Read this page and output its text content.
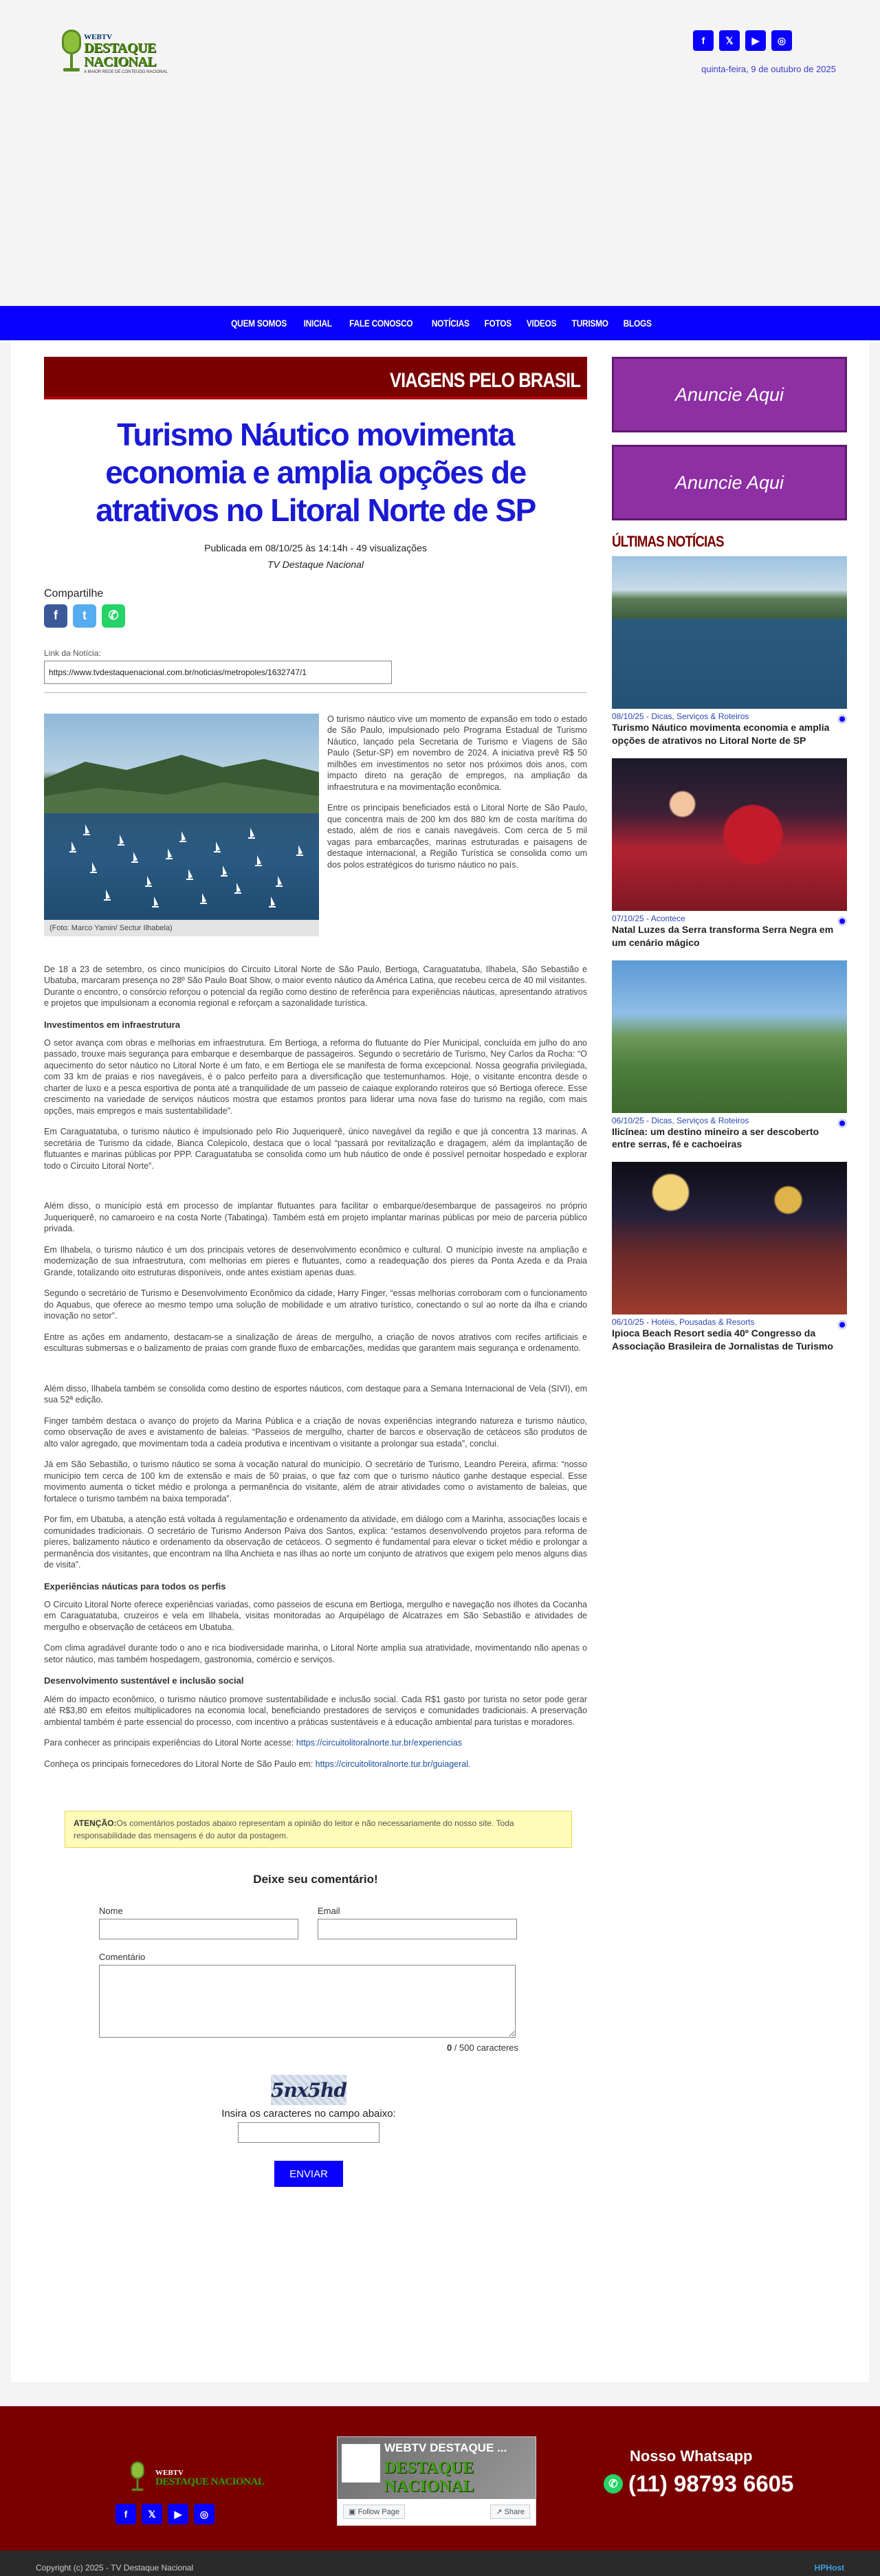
WEBTV
DESTAQUE NACIONAL
A MAIOR REDE DE CONTEÚDO NACIONAL
f	𝕏	▶	◎
quinta-feira, 9 de outubro de 2025
QUEM SOMOS INICIAL FALE CONOSCO NOTÍCIAS FOTOS VIDEOS TURISMO BLOGS
VIAGENS PELO BRASIL
Turismo Náutico movimenta economia e amplia opções de atrativos no Litoral Norte de SP
Publicada em 08/10/25 às 14:14h - 49 visualizações
TV Destaque Nacional
Compartilhe
f	t	✆
Link da Notícia:
https://www.tvdestaquenacional.com.br/noticias/metropoles/1632747/1
(Foto: Marco Yamin/ Sectur Ilhabela)

O turismo náutico vive um momento de expansão em todo o estado de São Paulo, impulsionado pelo Programa Estadual de Turismo Náutico, lançado pela Secretaria de Turismo e Viagens de São Paulo (Setur-SP) em novembro de 2024. A iniciativa prevê R$ 50 milhões em investimentos no setor nos próximos dois anos, com impacto direto na geração de empregos, na ampliação da infraestrutura e na movimentação econômica.

Entre os principais beneficiados está o Litoral Norte de São Paulo, que concentra mais de 200 km dos 880 km de costa marítima do estado, além de rios e canais navegáveis. Com cerca de 5 mil vagas para embarcações, marinas estruturadas e paisagens de destaque internacional, a Região Turística se consolida como um dos polos estratégicos do turismo náutico no país.

De 18 a 23 de setembro, os cinco municípios do Circuito Litoral Norte de São Paulo, Bertioga, Caraguatatuba, Ilhabela, São Sebastião e Ubatuba, marcaram presença no 28º São Paulo Boat Show, o maior evento náutico da América Latina, que recebeu cerca de 40 mil visitantes. Durante o encontro, o consórcio reforçou o potencial da região como destino de referência para experiências náuticas, apresentando atrativos e projetos que impulsionam a economia regional e reforçam a sazonalidade turística.

Investimentos em infraestrutura

O setor avança com obras e melhorias em infraestrutura. Em Bertioga, a reforma do flutuante do Píer Municipal, concluída em julho do ano passado, trouxe mais segurança para embarque e desembarque de passageiros. Segundo o secretário de Turismo, Ney Carlos da Rocha: “O aquecimento do setor náutico no Litoral Norte é um fato, e em Bertioga ele se manifesta de forma excepcional. Nossa geografia privilegiada, com 33 km de praias e rios navegáveis, é o palco perfeito para a diversificação que testemunhamos. Hoje, o visitante encontra desde o charter de luxo e a pesca esportiva de ponta até a tranquilidade de um passeio de caiaque explorando roteiros que só Bertioga oferece. Esse crescimento na variedade de serviços náuticos mostra que estamos prontos para liderar uma nova fase do turismo na região, com mais opções, mais empregos e mais sustentabilidade”.

Em Caraguatatuba, o turismo náutico é impulsionado pelo Rio Juqueriquerê, único navegável da região e que já concentra 13 marinas. A secretária de Turismo da cidade, Bianca Colepicolo, destaca que o local “passará por revitalização e dragagem, além da implantação de flutuantes e marinas públicas por PPP. Caraguatatuba se consolida como um hub náutico de onde é possível pernoitar hospedado e explorar todo o Circuito Litoral Norte”.

Além disso, o município está em processo de implantar flutuantes para facilitar o embarque/desembarque de passageiros no próprio Juqueriquerê, no camaroeiro e na costa Norte (Tabatinga). Também está em projeto implantar marinas públicas por meio de parceria público privada.

Em Ilhabela, o turismo náutico é um dos principais vetores de desenvolvimento econômico e cultural. O município investe na ampliação e modernização de sua infraestrutura, com melhorias em píeres e flutuantes, como a readequação dos píeres da Ponta Azeda e da Praia Grande, totalizando oito estruturas disponíveis, onde antes existiam apenas duas.

Segundo o secretário de Turismo e Desenvolvimento Econômico da cidade, Harry Finger, “essas melhorias corroboram com o funcionamento do Aquabus, que oferece ao mesmo tempo uma solução de mobilidade e um atrativo turístico, conectando o sul ao norte da ilha e criando inovação no setor”.

Entre as ações em andamento, destacam-se a sinalização de áreas de mergulho, a criação de novos atrativos com recifes artificiais e esculturas submersas e o balizamento de praias com grande fluxo de embarcações, medidas que garantem mais segurança e ordenamento.

Além disso, Ilhabela também se consolida como destino de esportes náuticos, com destaque para a Semana Internacional de Vela (SIVI), em sua 52ª edição.

Finger também destaca o avanço do projeto da Marina Pública e a criação de novas experiências integrando natureza e turismo náutico, como observação de aves e avistamento de baleias. “Passeios de mergulho, charter de barcos e observação de cetáceos são produtos de alto valor agregado, que movimentam toda a cadeia produtiva e incentivam o visitante a prolongar sua estada”, conclui.

Já em São Sebastião, o turismo náutico se soma à vocação natural do município. O secretário de Turismo, Leandro Pereira, afirma: “nosso município tem cerca de 100 km de extensão e mais de 50 praias, o que faz com que o turismo náutico ganhe destaque especial. Esse movimento aumenta o ticket médio e prolonga a permanência do visitante, além de atrair atividades como o avistamento de baleias, que fortalece o turismo também na baixa temporada”.

Por fim, em Ubatuba, a atenção está voltada à regulamentação e ordenamento da atividade, em diálogo com a Marinha, associações locais e comunidades tradicionais. O secretário de Turismo Anderson Paiva dos Santos, explica: “estamos desenvolvendo projetos para reforma de píeres, balizamento náutico e ordenamento da observação de cetáceos. O segmento é fundamental para elevar o ticket médio e prolongar a permanência dos visitantes, que encontram na Ilha Anchieta e nas ilhas ao norte um conjunto de atrativos que exigem pelo menos alguns dias de visita”.

Experiências náuticas para todos os perfis

O Circuito Litoral Norte oferece experiências variadas, como passeios de escuna em Bertioga, mergulho e navegação nos ilhotes da Cocanha em Caraguatatuba, cruzeiros e vela em Ilhabela, visitas monitoradas ao Arquipélago de Alcatrazes em São Sebastião e atividades de mergulho e observação de cetáceos em Ubatuba.

Com clima agradável durante todo o ano e rica biodiversidade marinha, o Litoral Norte amplia sua atratividade, movimentando não apenas o setor náutico, mas também hospedagem, gastronomia, comércio e serviços.

Desenvolvimento sustentável e inclusão social

Além do impacto econômico, o turismo náutico promove sustentabilidade e inclusão social. Cada R$1 gasto por turista no setor pode gerar até R$3,80 em efeitos multiplicadores na economia local, beneficiando prestadores de serviços e comunidades tradicionais. A preservação ambiental também é parte essencial do processo, com incentivo a práticas sustentáveis e à educação ambiental para turistas e moradores.

Para conhecer as principais experiências do Litoral Norte acesse: https://circuitolitoralnorte.tur.br/experiencias

Conheça os principais fornecedores do Litoral Norte de São Paulo em: https://circuitolitoralnorte.tur.br/guiageral.

ATENÇÃO:Os comentários postados abaixo representam a opinião do leitor e não necessariamente do nosso site. Toda responsabilidade das mensagens é do autor da postagem.
Deixe seu comentário!
Nome	Email
Comentário
0 / 500 caracteres
5nx5hd
Insira os caracteres no campo abaixo:
ENVIAR
Anuncie Aqui
Anuncie Aqui
ÚLTIMAS NOTÍCIAS
08/10/25 - Dicas, Serviços & Roteiros
Turismo Náutico movimenta economia e amplia opções de atrativos no Litoral Norte de SP
07/10/25 - Acontece
Natal Luzes da Serra transforma Serra Negra em um cenário mágico
06/10/25 - Dicas, Serviços & Roteiros
Ilicínea: um destino mineiro a ser descoberto entre serras, fé e cachoeiras
06/10/25 - Hotéis, Pousadas & Resorts
Ipioca Beach Resort sedia 40º Congresso da Associação Brasileira de Jornalistas de Turismo
WEBTV
DESTAQUE NACIONAL
f	𝕏	▶	◎
WEBTV DESTAQUE ...
DESTAQUE NACIONAL
▣ Follow Page	↗ Share
Nosso Whatsapp
✆ (11) 98793 6605
Copyright (c) 2025 - TV Destaque Nacional	HPHost
